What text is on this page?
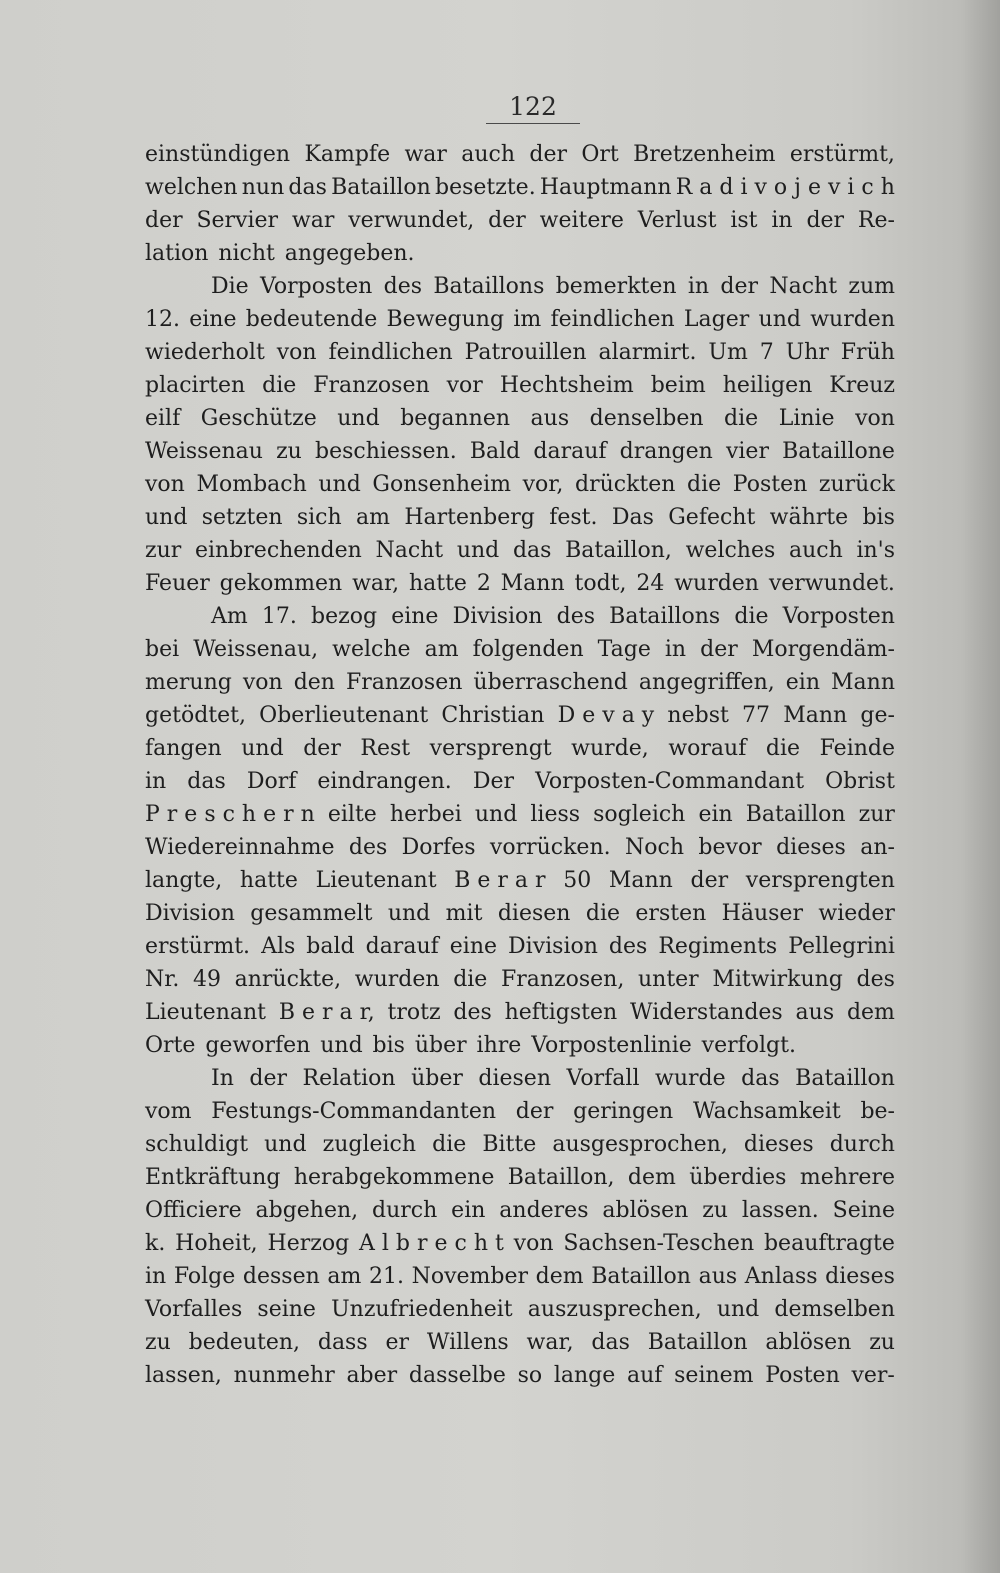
122
einstündigen Kampfe war auch der Ort Bretzenheim erstürmt,
welchen nun das Bataillon besetzte. Hauptmann R a d i v o j e v i c h
der Servier war verwundet, der weitere Verlust ist in der Re-
lation nicht angegeben.
Die Vorposten des Bataillons bemerkten in der Nacht zum
12. eine bedeutende Bewegung im feindlichen Lager und wurden
wiederholt von feindlichen Patrouillen alarmirt. Um 7 Uhr Früh
placirten die Franzosen vor Hechtsheim beim heiligen Kreuz
eilf Geschütze und begannen aus denselben die Linie von
Weissenau zu beschiessen. Bald darauf drangen vier Bataillone
von Mombach und Gonsenheim vor, drückten die Posten zurück
und setzten sich am Hartenberg fest. Das Gefecht währte bis
zur einbrechenden Nacht und das Bataillon, welches auch in's
Feuer gekommen war, hatte 2 Mann todt, 24 wurden verwundet.
Am 17. bezog eine Division des Bataillons die Vorposten
bei Weissenau, welche am folgenden Tage in der Morgendäm-
merung von den Franzosen überraschend angegriffen, ein Mann
getödtet, Oberlieutenant Christian D e v a y nebst 77 Mann ge-
fangen und der Rest versprengt wurde, worauf die Feinde
in das Dorf eindrangen. Der Vorposten-Commandant Obrist
P r e s c h e r n eilte herbei und liess sogleich ein Bataillon zur
Wiedereinnahme des Dorfes vorrücken. Noch bevor dieses an-
langte, hatte Lieutenant B e r a r 50 Mann der versprengten
Division gesammelt und mit diesen die ersten Häuser wieder
erstürmt. Als bald darauf eine Division des Regiments Pellegrini
Nr. 49 anrückte, wurden die Franzosen, unter Mitwirkung des
Lieutenant B e r a r, trotz des heftigsten Widerstandes aus dem
Orte geworfen und bis über ihre Vorpostenlinie verfolgt.
In der Relation über diesen Vorfall wurde das Bataillon
vom Festungs-Commandanten der geringen Wachsamkeit be-
schuldigt und zugleich die Bitte ausgesprochen, dieses durch
Entkräftung herabgekommene Bataillon, dem überdies mehrere
Officiere abgehen, durch ein anderes ablösen zu lassen. Seine
k. Hoheit, Herzog A l b r e c h t von Sachsen-Teschen beauftragte
in Folge dessen am 21. November dem Bataillon aus Anlass dieses
Vorfalles seine Unzufriedenheit auszusprechen, und demselben
zu bedeuten, dass er Willens war, das Bataillon ablösen zu
lassen, nunmehr aber dasselbe so lange auf seinem Posten ver-
